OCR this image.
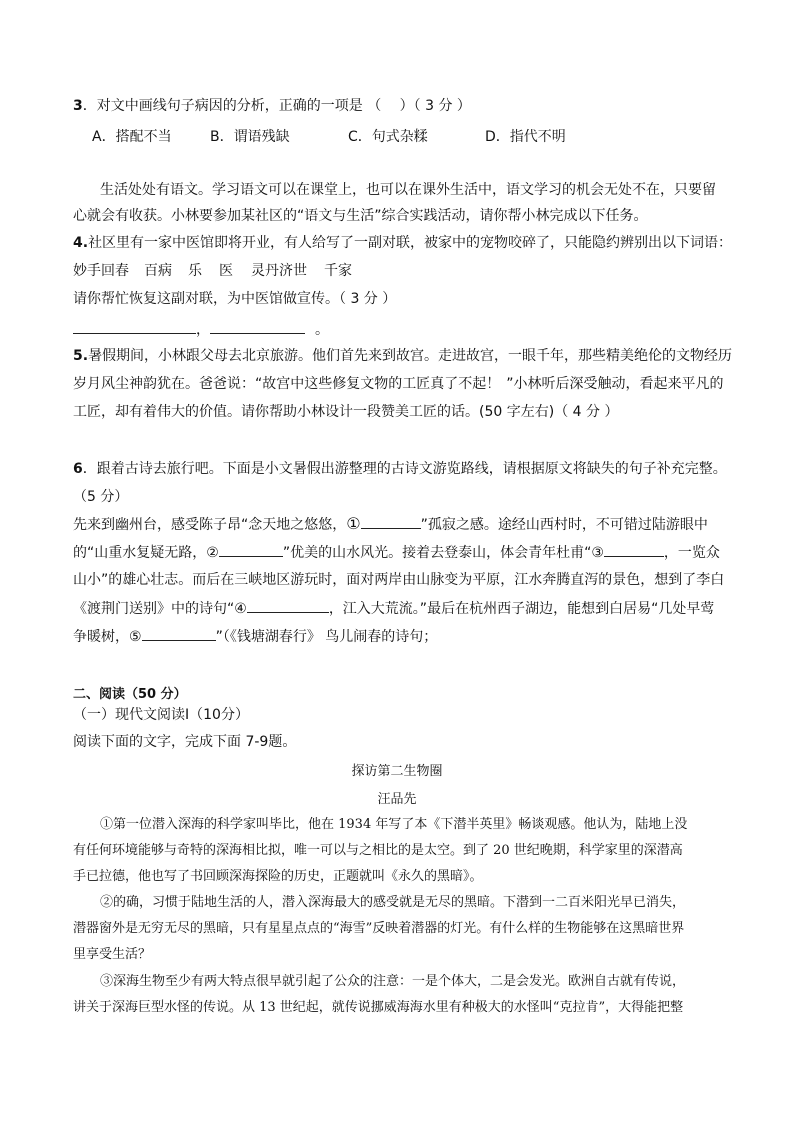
3．对文中画线句子病因的分析，正确的一项是 （　 ）（ 3 分 ）
A．搭配不当	B．谓语残缺	C．句式杂糅	D．指代不明
生活处处有语文。学习语文可以在课堂上，也可以在课外生活中，语文学习的机会无处不在，只要留
心就会有收获。小林要参加某社区的“语文与生活”综合实践活动，请你帮小林完成以下任务。
4.社区里有一家中医馆即将开业，有人给写了一副对联，被家中的宠物咬碎了，只能隐约辨别出以下词语：
妙手回春 百病 乐 医 灵丹济世 千家
请你帮忙恢复这副对联，为中医馆做宣传。（ 3 分 ）
，	。
5.暑假期间，小林跟父母去北京旅游。他们首先来到故宫。走进故宫，一眼千年，那些精美绝伦的文物经历
岁月风尘神韵犹在。爸爸说：“故宫中这些修复文物的工匠真了不起！ ”小林听后深受触动，看起来平凡的
工匠，却有着伟大的价值。请你帮助小林设计一段赞美工匠的话。(50 字左右)（ 4 分 ）
6．跟着古诗去旅行吧。下面是小文暑假出游整理的古诗文游览路线，请根据原文将缺失的句子补充完整。
（5 分）
先来到幽州台，感受陈子昂“念天地之悠悠，①	”孤寂之感。途经山西村时，不可错过陆游眼中
的“山重水复疑无路，②	”优美的山水风光。接着去登泰山，体会青年杜甫“③	，一览众
山小”的雄心壮志。而后在三峡地区游玩时，面对两岸由山脉变为平原，江水奔腾直泻的景色，想到了李白
《渡荆门送别》中的诗句“④	，江入大荒流。”最后在杭州西子湖边，能想到白居易“几处早莺
争暖树，⑤	”（《钱塘湖春行》 鸟儿闹春的诗句；
二、阅读（50 分）
（一）现代文阅读Ⅰ（10分）
阅读下面的文字，完成下面 7-9题。
探访第二生物圈
汪品先
①第一位潜入深海的科学家叫毕比，他在 1934 年写了本《下潜半英里》畅谈观感。他认为，陆地上没
有任何环境能够与奇特的深海相比拟，唯一可以与之相比的是太空。到了 20 世纪晚期，科学家里的深潜高
手已拉德，他也写了书回顾深海探险的历史，正题就叫《永久的黑暗》。
②的确，习惯于陆地生活的人，潜入深海最大的感受就是无尽的黑暗。下潜到一二百米阳光早已消失，
潜器窗外是无穷无尽的黑暗，只有星星点点的“海雪”反映着潜器的灯光。有什么样的生物能够在这黑暗世界
里享受生活？
③深海生物至少有两大特点很早就引起了公众的注意：一是个体大，二是会发光。欧洲自古就有传说，
讲关于深海巨型水怪的传说。从 13 世纪起，就传说挪威海海水里有种极大的水怪叫“克拉肯”，大得能把整
